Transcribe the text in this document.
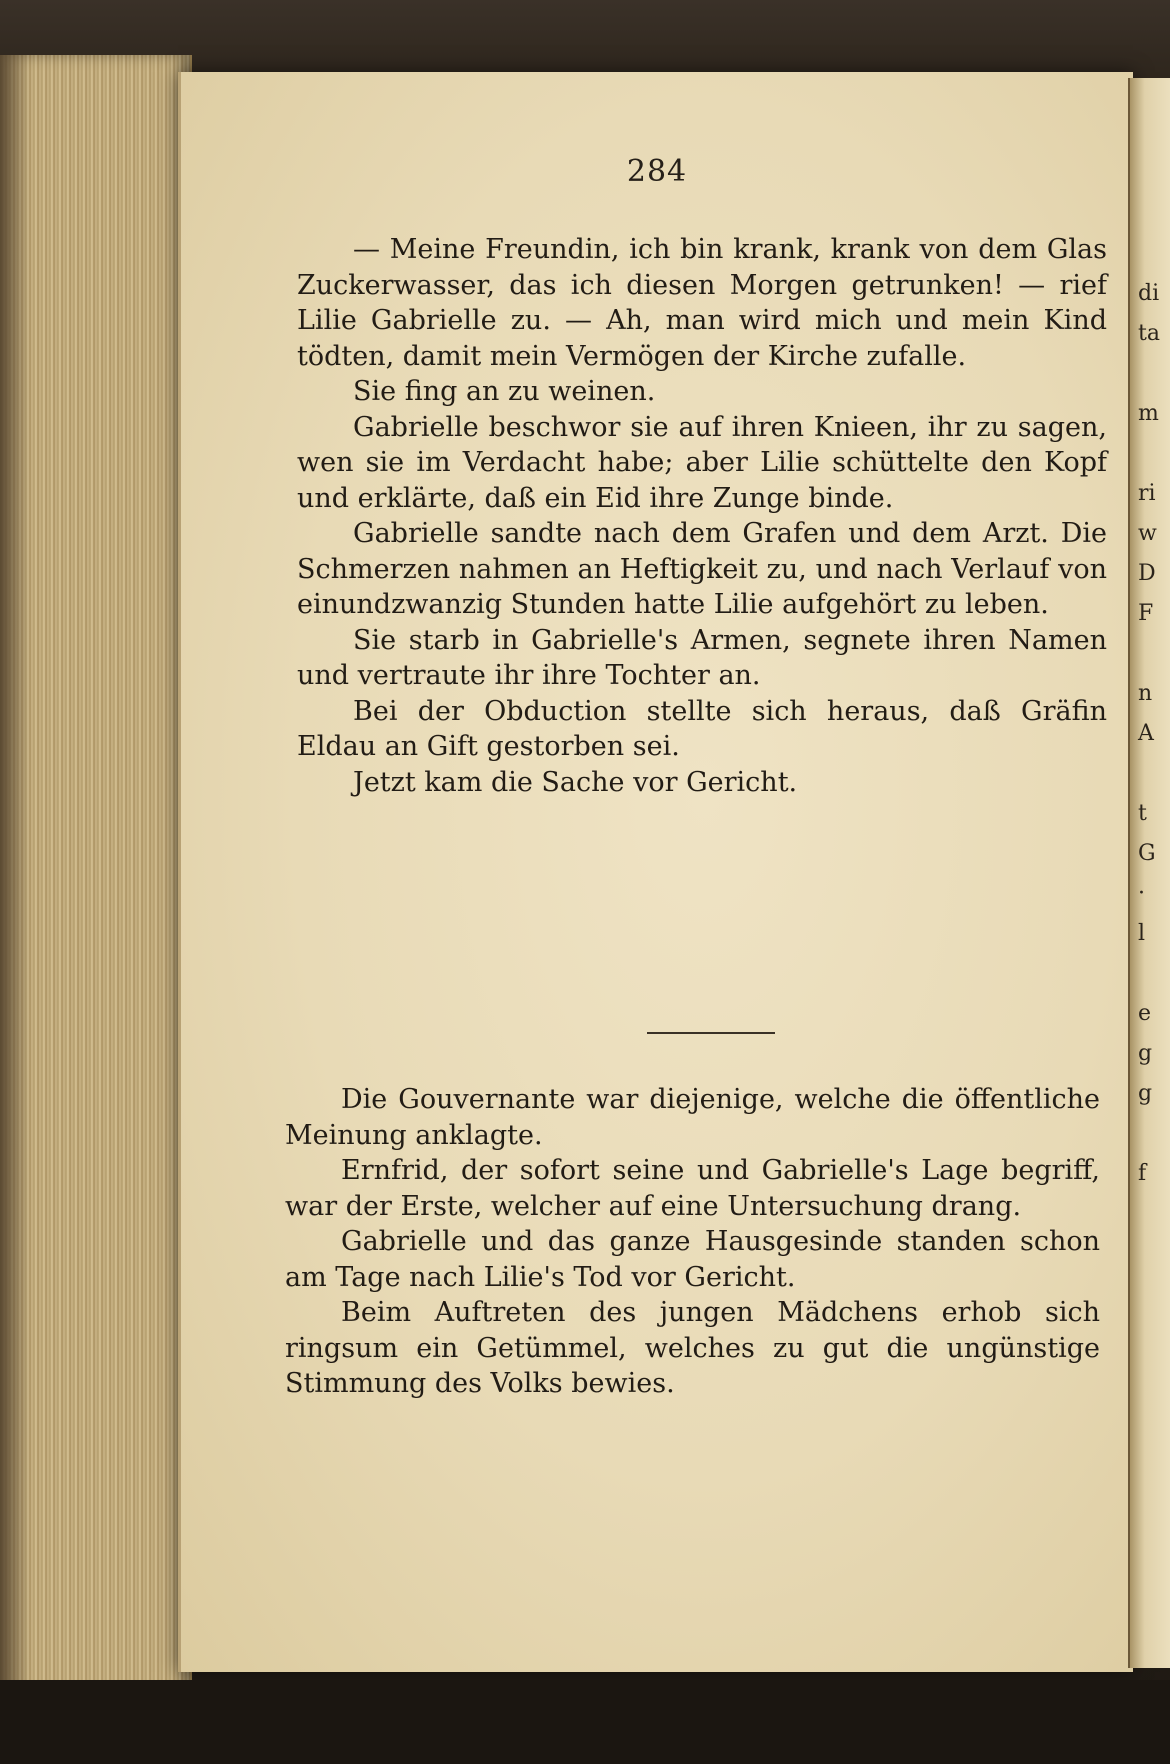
284

— Meine Freundin, ich bin krank, krank von dem Glas Zuckerwasser, das ich diesen Morgen getrunken! — rief Lilie Gabrielle zu. — Ah, man wird mich und mein Kind tödten, damit mein Vermögen der Kirche zufalle.

Sie fing an zu weinen.

Gabrielle beschwor sie auf ihren Knieen, ihr zu sagen, wen sie im Verdacht habe; aber Lilie schüttelte den Kopf und erklärte, daß ein Eid ihre Zunge binde.

Gabrielle sandte nach dem Grafen und dem Arzt. Die Schmerzen nahmen an Heftigkeit zu, und nach Verlauf von einundzwanzig Stunden hatte Lilie aufgehört zu leben.

Sie starb in Gabrielle's Armen, segnete ihren Namen und vertraute ihr ihre Tochter an.

Bei der Obduction stellte sich heraus, daß Gräfin Eldau an Gift gestorben sei.

Jetzt kam die Sache vor Gericht.

Die Gouvernante war diejenige, welche die öffentliche Meinung anklagte.

Ernfrid, der sofort seine und Gabrielle's Lage begriff, war der Erste, welcher auf eine Untersuchung drang.

Gabrielle und das ganze Hausgesinde standen schon am Tage nach Lilie's Tod vor Gericht.

Beim Auftreten des jungen Mädchens erhob sich ringsum ein Getümmel, welches zu gut die ungünstige Stimmung des Volks bewies.

di
ta

m

ri
w
D
F

n
A

t
G
·
l

e
g
g

f
